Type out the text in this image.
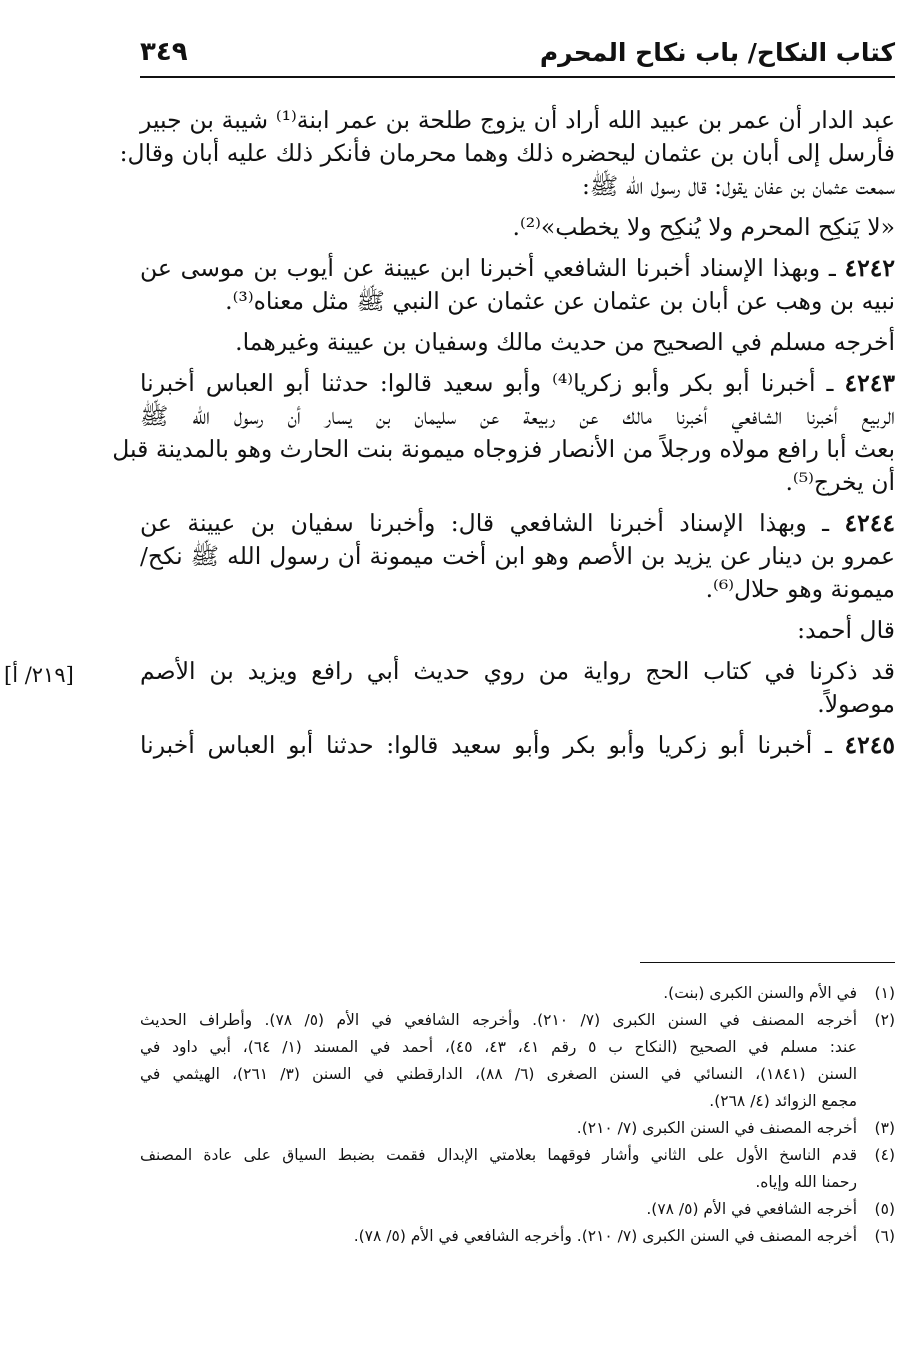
كتاب النكاح/ باب نكاح المحرم
٣٤٩

عبد الدار أن عمر بن عبيد الله أراد أن يزوج طلحة بن عمر ابنة⁽¹⁾ شيبة بن جبير

فأرسل إلى أبان بن عثمان ليحضره ذلك وهما محرمان فأنكر ذلك عليه أبان وقال:

سمعت عثمان بن عفان يقول: قال رسول الله ﷺ:

«لا يَنكِح المحرم ولا يُنكِح ولا يخطب»⁽²⁾.

٤٢٤٢ ـ وبهذا الإسناد أخبرنا الشافعي أخبرنا ابن عيينة عن أيوب بن موسى عن

نبيه بن وهب عن أبان بن عثمان عن عثمان عن النبي ﷺ مثل معناه⁽³⁾.

أخرجه مسلم في الصحيح من حديث مالك وسفيان بن عيينة وغيرهما.

٤٢٤٣ ـ أخبرنا أبو بكر وأبو زكريا⁽⁴⁾ وأبو سعيد قالوا: حدثنا أبو العباس أخبرنا

الربيع أخبرنا الشافعي أخبرنا مالك عن ربيعة عن سليمان بن يسار أن رسول الله ﷺ

بعث أبا رافع مولاه ورجلاً من الأنصار فزوجاه ميمونة بنت الحارث وهو بالمدينة قبل

أن يخرج⁽⁵⁾.

٤٢٤٤ ـ وبهذا الإسناد أخبرنا الشافعي قال: وأخبرنا سفيان بن عيينة عن

عمرو بن دينار عن يزيد بن الأصم وهو ابن أخت ميمونة أن رسول الله ﷺ نكح/

ميمونة وهو حلال⁽⁶⁾.

قال أحمد:

قد ذكرنا في كتاب الحج رواية من روي حديث أبي رافع ويزيد بن الأصم

موصولاً.

٤٢٤٥ ـ أخبرنا أبو زكريا وأبو بكر وأبو سعيد قالوا: حدثنا أبو العباس أخبرنا

[٢١٩/ أ]
(١)
في الأم والسنن الكبرى (بنت).
(٢)
أخرجه المصنف في السنن الكبرى (٧/ ٢١٠). وأخرجه الشافعي في الأم (٥/ ٧٨). وأطراف الحديث
عند: مسلم في الصحيح (النكاح ب ٥ رقم ٤١، ٤٣، ٤٥)، أحمد في المسند (١/ ٦٤)، أبي داود في
السنن (١٨٤١)، النسائي في السنن الصغرى (٦/ ٨٨)، الدارقطني في السنن (٣/ ٢٦١)، الهيثمي في
مجمع الزوائد (٤/ ٢٦٨).
(٣)
أخرجه المصنف في السنن الكبرى (٧/ ٢١٠).
(٤)
قدم الناسخ الأول على الثاني وأشار فوقهما بعلامتي الإبدال فقمت بضبط السياق على عادة المصنف
رحمنا الله وإياه.
(٥)
أخرجه الشافعي في الأم (٥/ ٧٨).
(٦)
أخرجه المصنف في السنن الكبرى (٧/ ٢١٠). وأخرجه الشافعي في الأم (٥/ ٧٨).
